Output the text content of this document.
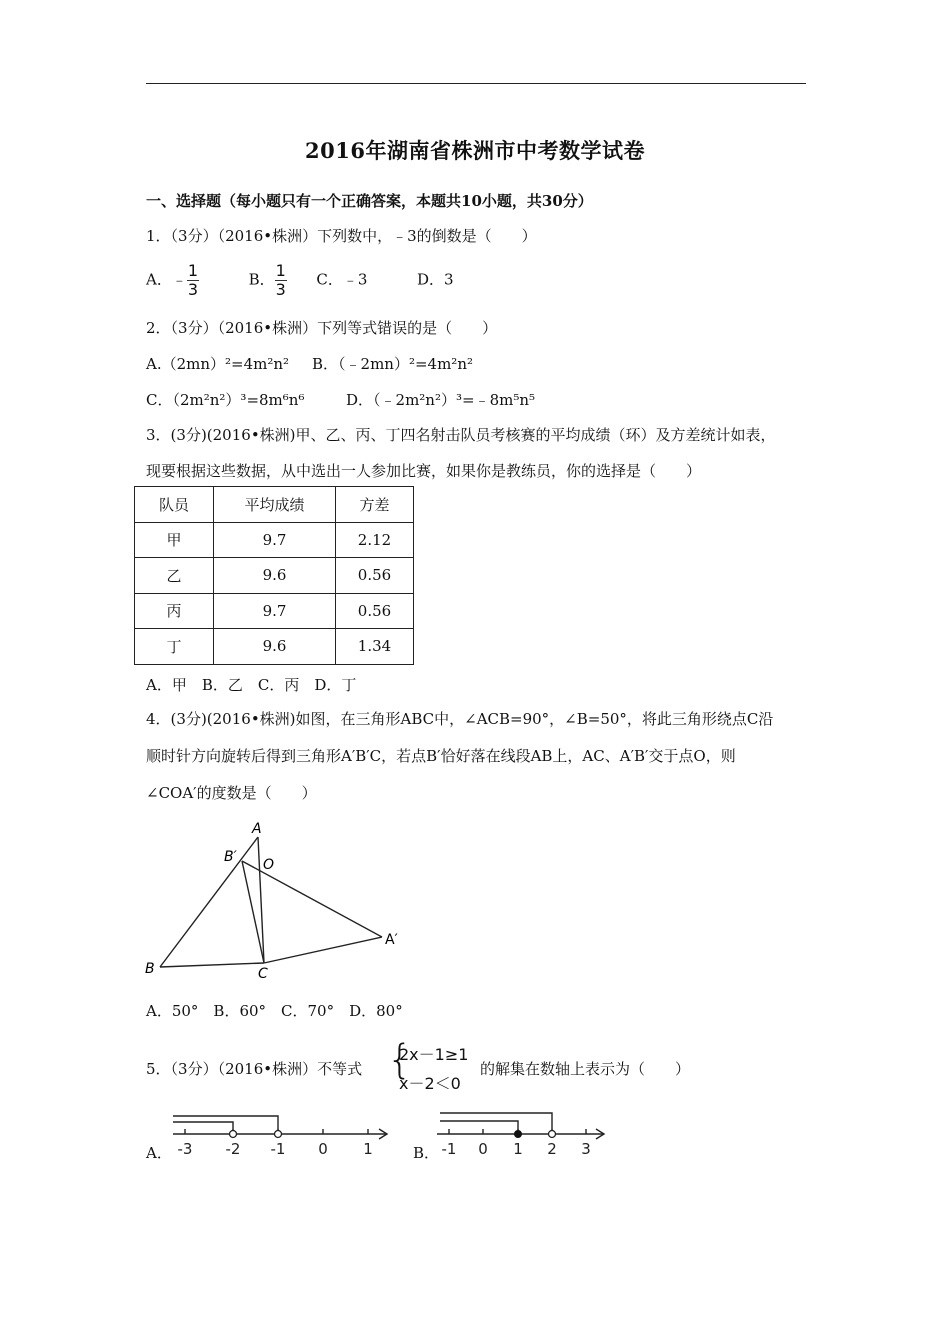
2016年湖南省株洲市中考数学试卷
一、选择题（每小题只有一个正确答案，本题共10小题，共30分）
1．（3分）（2016•株洲）下列数中，﹣3的倒数是（　　）
A．﹣ $\frac{1}{3}$	B． $\frac{1}{3}$ C．﹣3	D．3
2．（3分）（2016•株洲）下列等式错误的是（　　）
A.（2mn）²=4m²n² B．（﹣2mn）²=4m²n²
C．（2m²n²）³=8m⁶n⁶	D．（﹣2m²n²）³=﹣8m⁵n⁵
3．(3分)(2016•株洲)甲、乙、丙、丁四名射击队员考核赛的平均成绩（环）及方差统计如表，
现要根据这些数据，从中选出一人参加比赛，如果你是教练员，你的选择是（　　）
队员	平均成绩	方差
甲	9.7	2.12
乙	9.6	0.56
丙	9.7	0.56
丁	9.6	1.34
A．甲　B．乙　C．丙　D．丁
4．(3分)(2016•株洲)如图，在三角形ABC中，∠ACB=90°，∠B=50°，将此三角形绕点C沿
顺时针方向旋转后得到三角形A′B′C，若点B′恰好落在线段AB上，AC、A′B′交于点O，则
∠COA′的度数是（　　）
A
B′ O
A′
B	C
A．50°　B．60°　C．70°　D．80°
5．（3分）（2016•株洲）不等式 {
2x－1≥1
x－2＜0
的解集在数轴上表示为（　　）
A． -3 -2 -1 0 1	B． -1 0 1 2 3
